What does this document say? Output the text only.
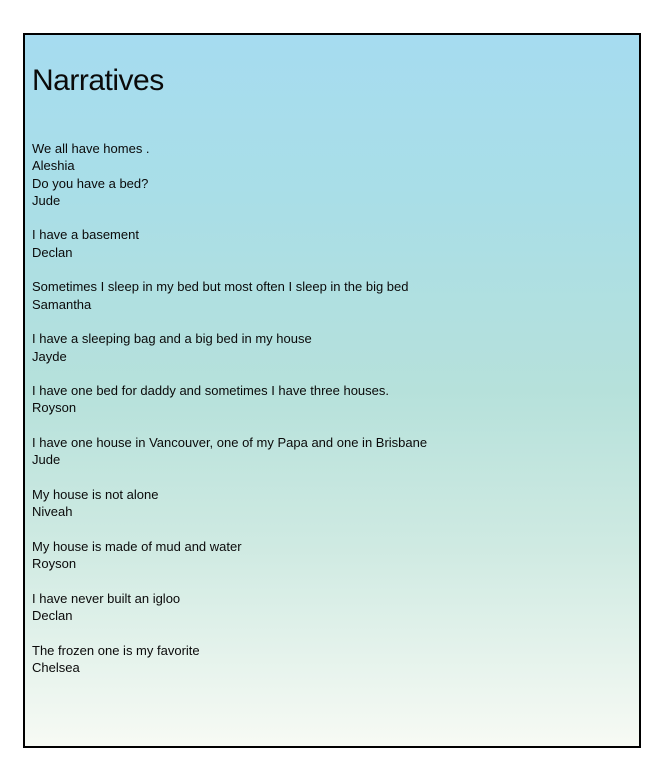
Narratives

We all have homes .
Aleshia
Do you have a bed?
Jude

I have a basement
Declan

Sometimes I sleep in my bed but most often I sleep in the big bed
Samantha

I have a sleeping bag and a big bed in my house
Jayde

I have one bed for daddy and sometimes I have three houses.
Royson

I have one house in Vancouver, one of my Papa and one in Brisbane
Jude

My house is not alone
Niveah

My house is made of mud and water
Royson

I have never built an igloo
Declan

The frozen one is my favorite
Chelsea
